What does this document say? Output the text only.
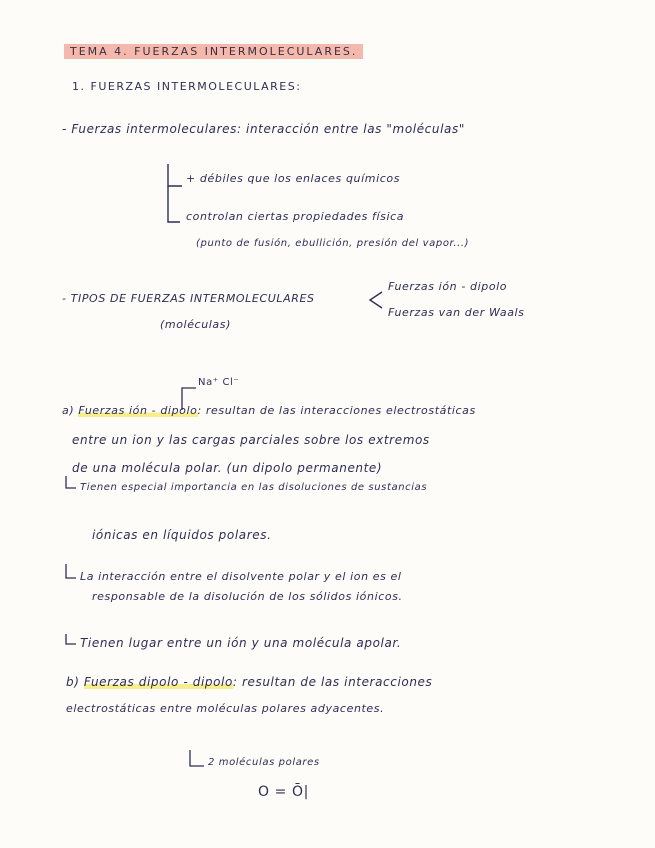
TEMA 4. FUERZAS INTERMOLECULARES.
1. FUERZAS INTERMOLECULARES:
- Fuerzas intermoleculares: interacción entre las "moléculas"
+ débiles que los enlaces químicos
controlan ciertas propiedades física
(punto de fusión, ebullición, presión del vapor...)
- TIPOS DE FUERZAS INTERMOLECULARES
(moléculas)
Fuerzas ión - dipolo
Fuerzas van der Waals
Na⁺ Cl⁻
a) Fuerzas ión - dipolo: resultan de las interacciones electrostáticas
entre un ion y las cargas parciales sobre los extremos
de una molécula polar. (un dipolo permanente)
Tienen especial importancia en las disoluciones de sustancias
iónicas en líquidos polares.
La interacción entre el disolvente polar y el ion es el
responsable de la disolución de los sólidos iónicos.
Tienen lugar entre un ión y una molécula apolar.
b) Fuerzas dipolo - dipolo: resultan de las interacciones
electrostáticas entre moléculas polares adyacentes.
2 moléculas polares
O = Ō|
